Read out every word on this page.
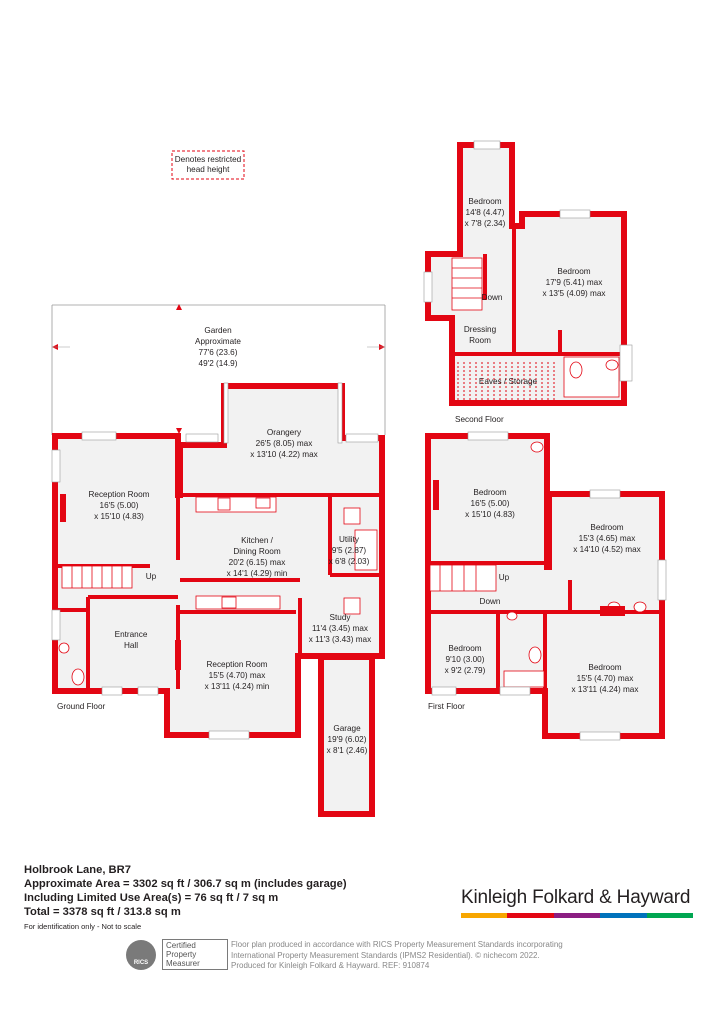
Denotes restricted
head height
Garden
Approximate
77'6 (23.6)
49'2 (14.9)
Orangery
26'5 (8.05) max
x 13'10 (4.22) max
Reception Room
16'5 (5.00)
x 15'10 (4.83)
Kitchen /
Dining Room
20'2 (6.15) max
x 14'1 (4.29) min
Utility
9'5 (2.87)
x 6'8 (2.03)
Study
11'4 (3.45) max
x 11'3 (3.43) max
Entrance
Hall
Up
Reception Room
15'5 (4.70) max
x 13'11 (4.24) min
Garage
19'9 (6.02)
x 8'1 (2.46)
Bedroom
16'5 (5.00)
x 15'10 (4.83)
Bedroom
15'3 (4.65) max
x 14'10 (4.52) max
Bedroom
9'10 (3.00)
x 9'2 (2.79)	Bedroom
15'5 (4.70) max
x 13'11 (4.24) max
Up
Down
Bedroom
14'8 (4.47)
x 7'8 (2.34)
Bedroom
17'9 (5.41) max
x 13'5 (4.09) max
Dressing
Room
Eaves / Storage
Down
Ground Floor	First Floor
Second Floor
Holbrook Lane, BR7
Approximate Area = 3302 sq ft / 306.7 sq m (includes garage)
Including Limited Use Area(s) = 76 sq ft / 7 sq m
Total = 3378 sq ft / 313.8 sq m
For identification only - Not to scale
Kinleigh Folkard & Hayward
RICS
Certified
Property
Measurer
Floor plan produced in accordance with RICS Property Measurement Standards incorporating
International Property Measurement Standards (IPMS2 Residential). © nichecom 2022.
Produced for Kinleigh Folkard & Hayward. REF: 910874
